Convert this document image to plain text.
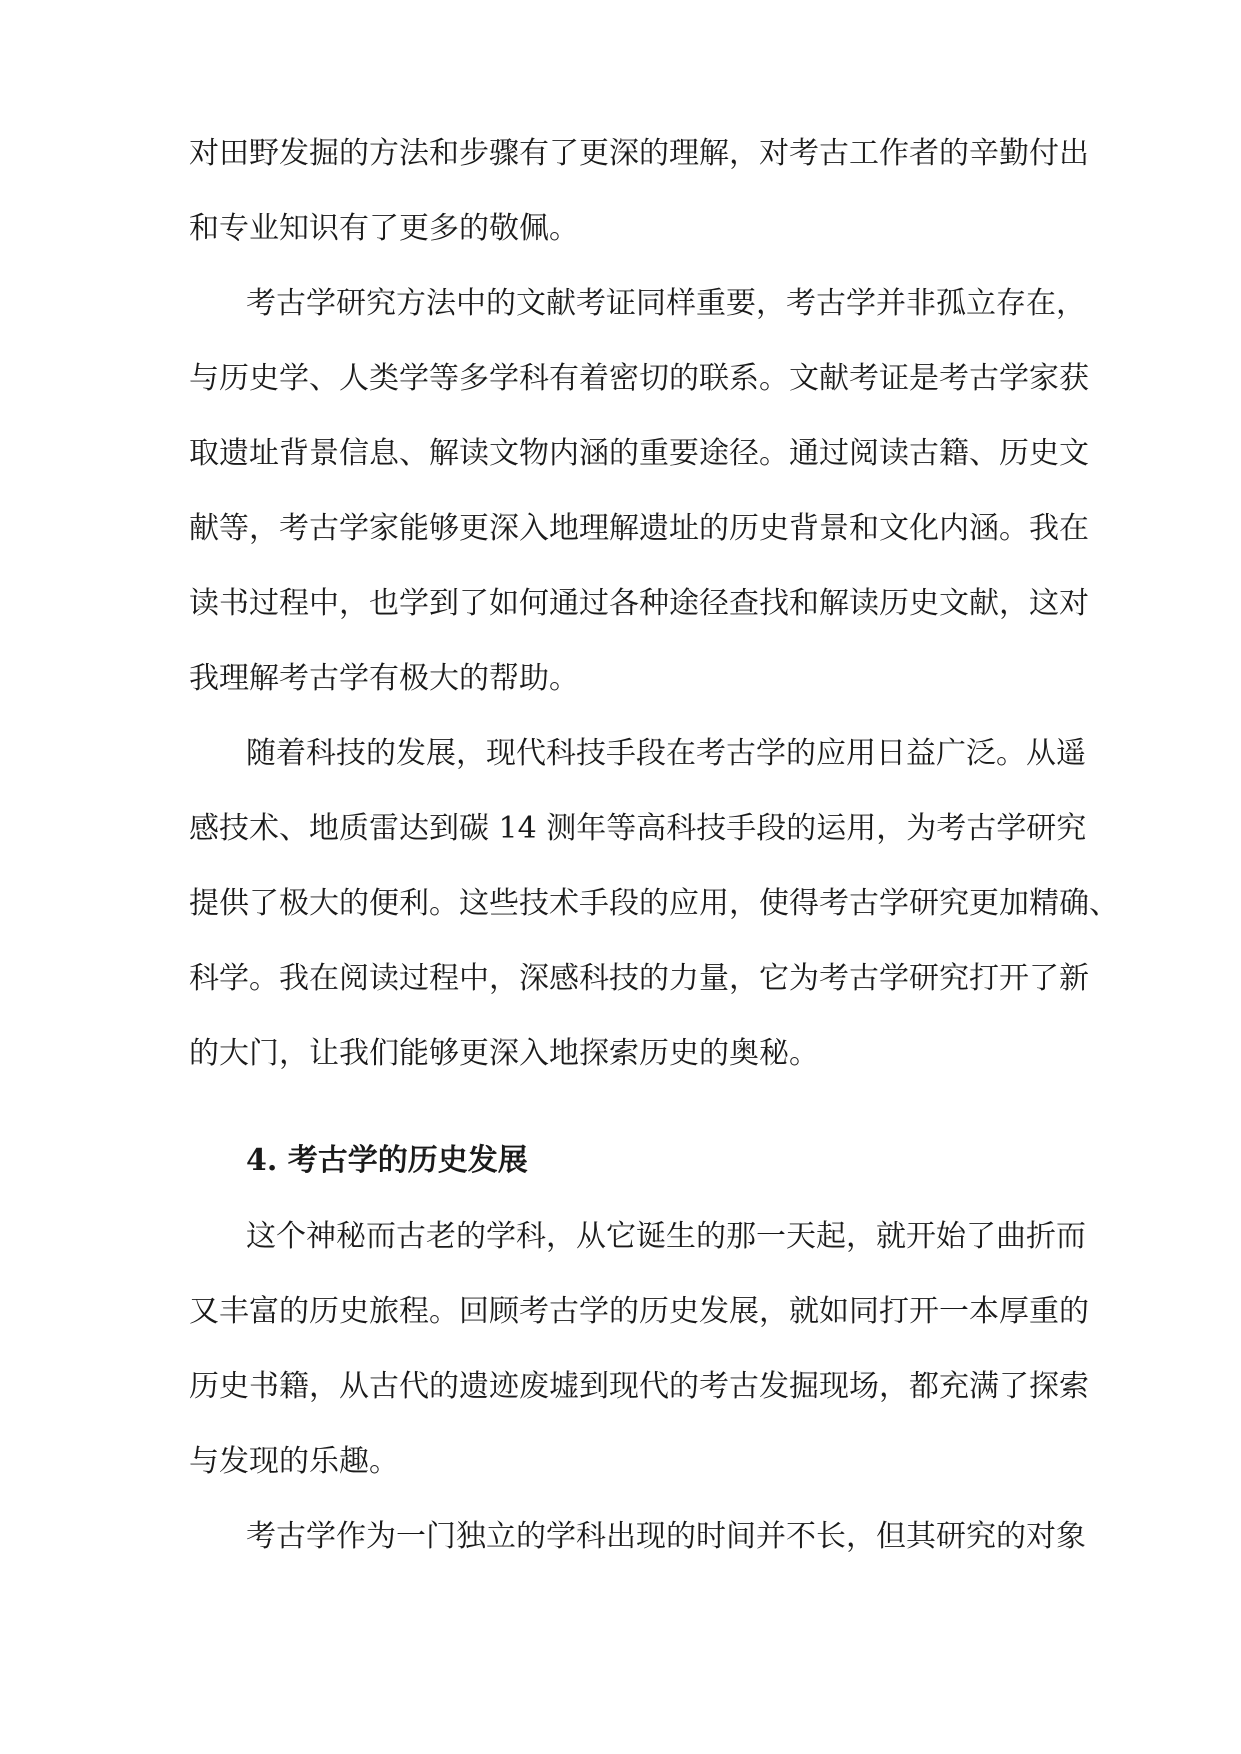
对田野发掘的方法和步骤有了更深的理解，对考古工作者的辛勤付出
和专业知识有了更多的敬佩。
考古学研究方法中的文献考证同样重要，考古学并非孤立存在，
与历史学、人类学等多学科有着密切的联系。文献考证是考古学家获
取遗址背景信息、解读文物内涵的重要途径。通过阅读古籍、历史文
献等，考古学家能够更深入地理解遗址的历史背景和文化内涵。我在
读书过程中，也学到了如何通过各种途径查找和解读历史文献，这对
我理解考古学有极大的帮助。
随着科技的发展，现代科技手段在考古学的应用日益广泛。从遥
感技术、地质雷达到碳 14 测年等高科技手段的运用，为考古学研究
提供了极大的便利。这些技术手段的应用，使得考古学研究更加精确、
科学。我在阅读过程中，深感科技的力量，它为考古学研究打开了新
的大门，让我们能够更深入地探索历史的奥秘。
4. 考古学的历史发展
这个神秘而古老的学科，从它诞生的那一天起，就开始了曲折而
又丰富的历史旅程。回顾考古学的历史发展，就如同打开一本厚重的
历史书籍，从古代的遗迹废墟到现代的考古发掘现场，都充满了探索
与发现的乐趣。
考古学作为一门独立的学科出现的时间并不长，但其研究的对象
